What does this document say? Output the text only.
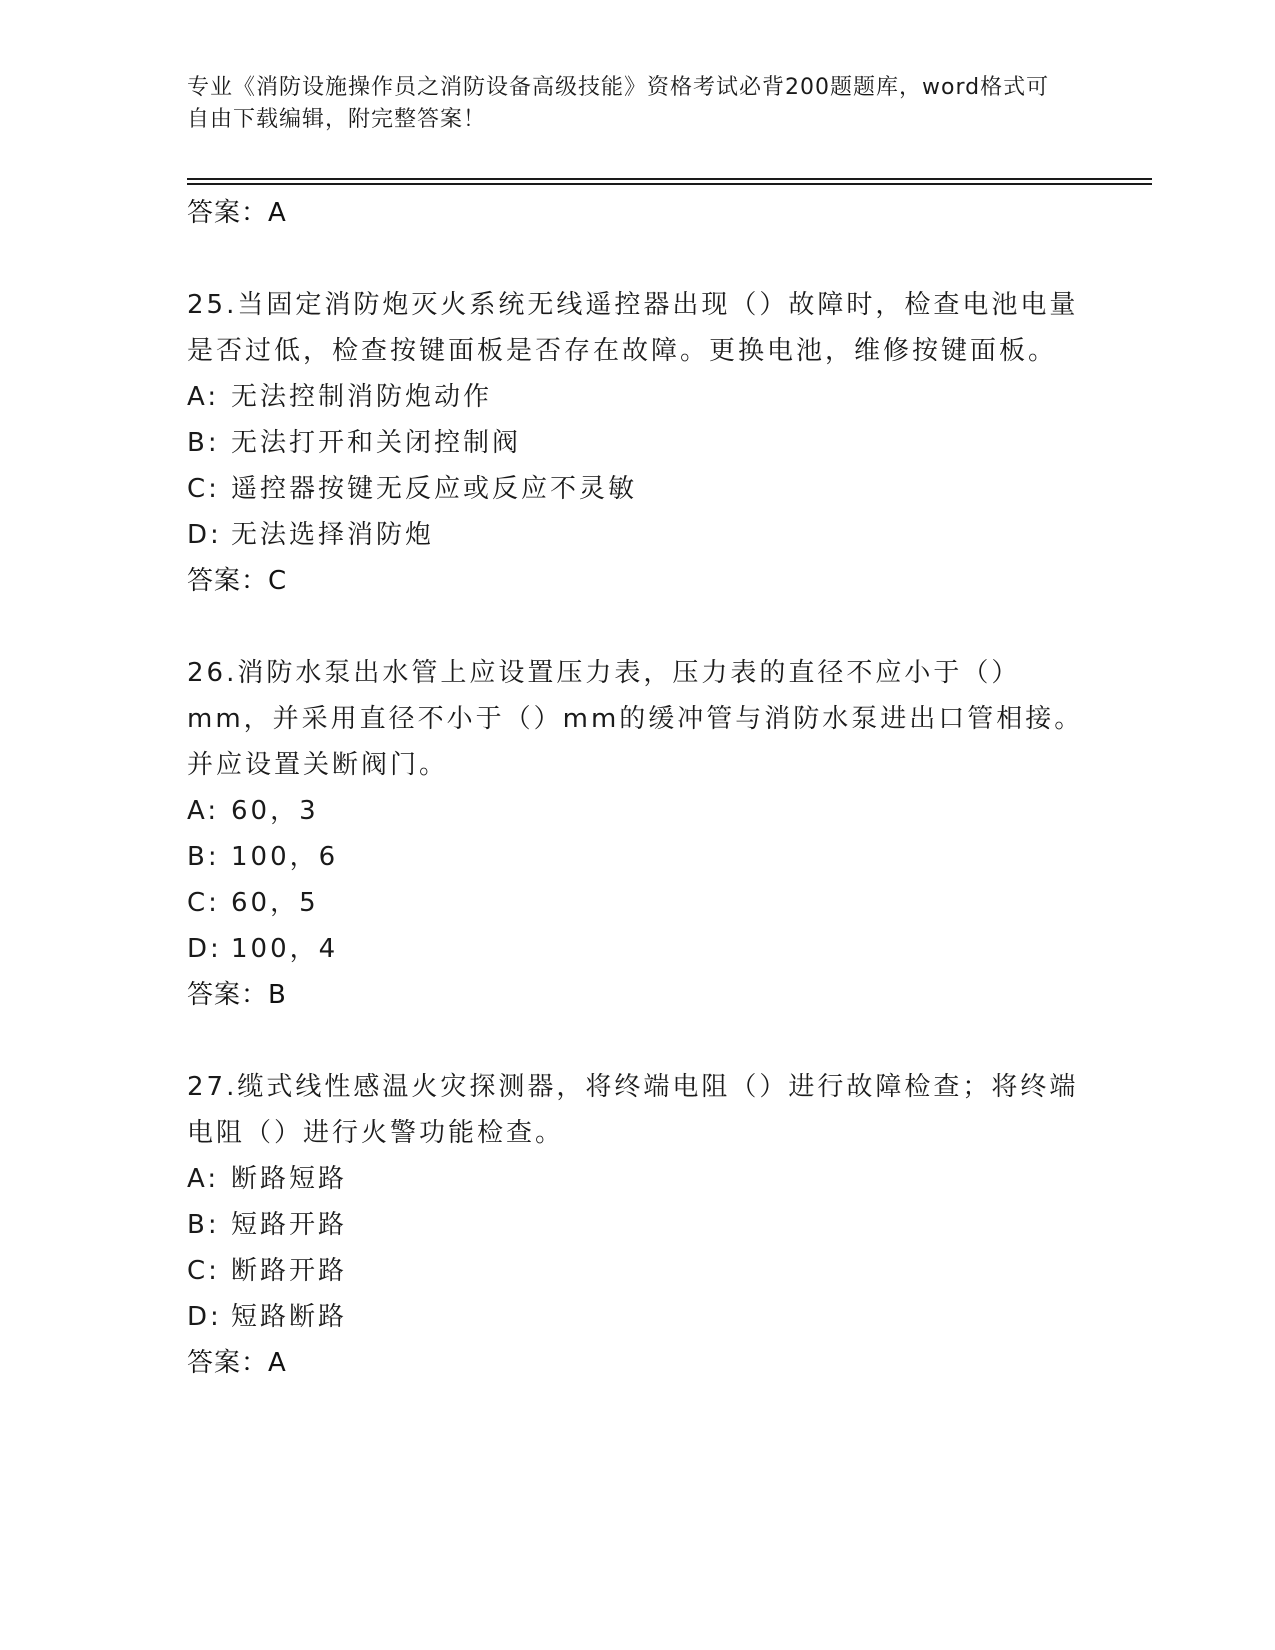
专业《消防设施操作员之消防设备高级技能》资格考试必背200题题库，word格式可自由下载编辑，附完整答案！
答案：A
25.当固定消防炮灭火系统无线遥控器出现（）故障时，检查电池电量是否过低，检查按键面板是否存在故障。更换电池，维修按键面板。
A: 无法控制消防炮动作
B: 无法打开和关闭控制阀
C: 遥控器按键无反应或反应不灵敏
D: 无法选择消防炮
答案：C
26.消防水泵出水管上应设置压力表，压力表的直径不应小于（）mm，并采用直径不小于（）mm的缓冲管与消防水泵进出口管相接。并应设置关断阀门。
A: 60，3
B: 100，6
C: 60，5
D: 100，4
答案：B
27.缆式线性感温火灾探测器，将终端电阻（）进行故障检查；将终端电阻（）进行火警功能检查。
A: 断路短路
B: 短路开路
C: 断路开路
D: 短路断路
答案：A
